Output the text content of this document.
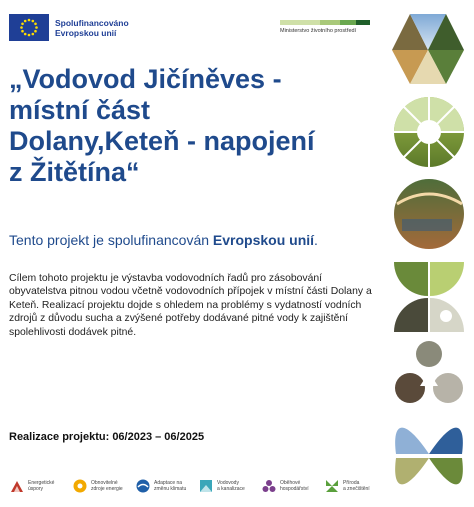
Spolufinancováno
Evropskou unií	Ministerstvo životního prostředí
„Vodovod Jičíněves -
místní část
Dolany,Keteň - napojení
z Žitětína“
Tento projekt je spolufinancován Evropskou unií.
Cílem tohoto projektu je výstavba vodovodních řadů pro zásobování obyvatelstva pitnou vodou včetně vodovodních přípojek v místní části Dolany a Keteň. Realizací projektu dojde s ohledem na problémy s vydatností vodních zdrojů z důvodu sucha a zvýšené potřeby dodávané pitné vody k zajištění spolehlivosti dodávek pitné.
Realizace projektu: 06/2023 – 06/2025
Energetické
úspory
Obnovitelné
zdroje energie
Adaptace na
změnu klimatu
Vodovody
a kanalizace
Oběhové
hospodářství
Příroda
a znečištění
